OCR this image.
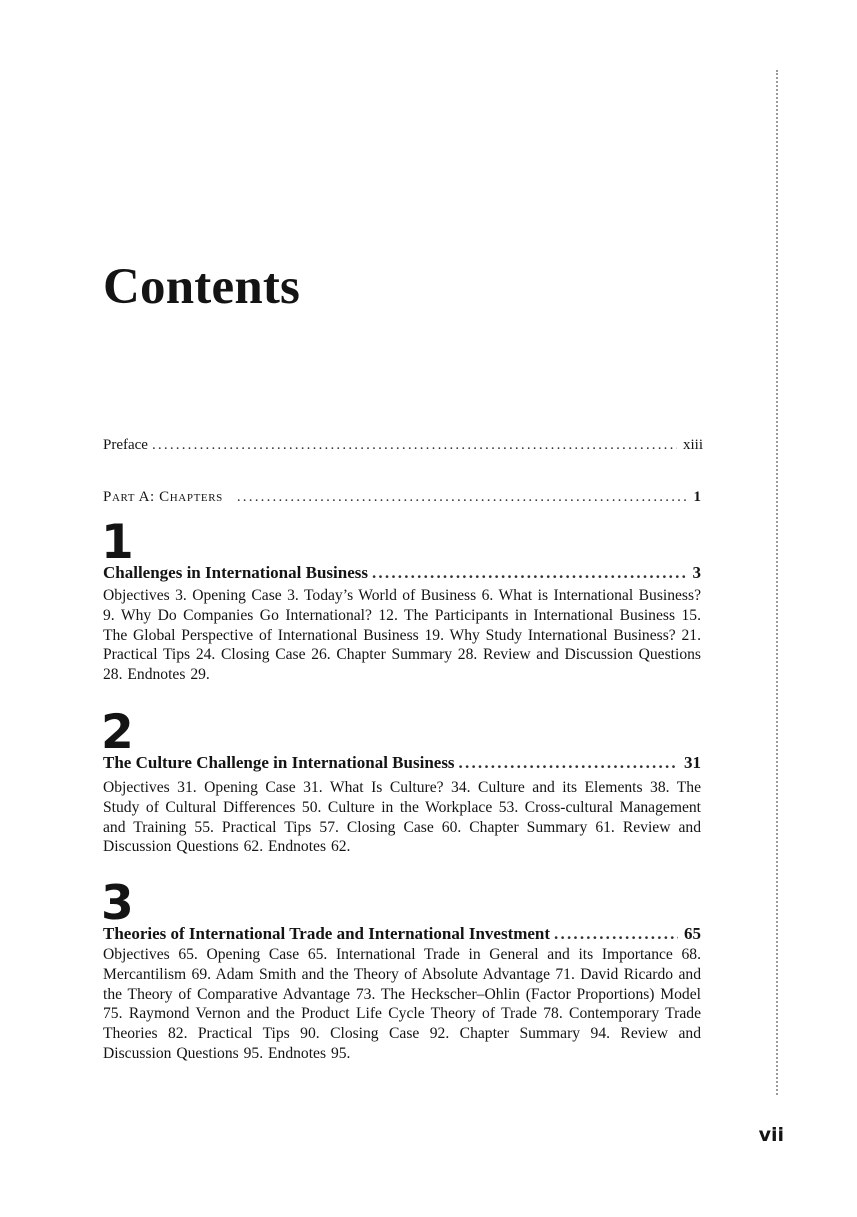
Contents
Preface .....	xiii
Part A: Chapters .....	1
1
Challenges in International Business .....	3

Objectives 3. Opening Case 3. Today’s World of Business 6. What is International Business? 9. Why Do Companies Go International? 12. The Participants in International Business 15. The Global Perspective of International Business 19. Why Study International Business? 21. Practical Tips 24. Closing Case 26. Chapter Summary 28. Review and Discussion Questions 28. Endnotes 29.

2
The Culture Challenge in International Business .....	31

Objectives 31. Opening Case 31. What Is Culture? 34. Culture and its Elements 38. The Study of Cultural Differences 50. Culture in the Workplace 53. Cross-cultural Management and Training 55. Practical Tips 57. Closing Case 60. Chapter Summary 61. Review and Discussion Questions 62. Endnotes 62.

3
Theories of International Trade and International Investment .....	65

Objectives 65. Opening Case 65. International Trade in General and its Importance 68. Mercantilism 69. Adam Smith and the Theory of Absolute Advantage 71. David Ricardo and the Theory of Comparative Advantage 73. The Heckscher–Ohlin (Factor Proportions) Model 75. Raymond Vernon and the Product Life Cycle Theory of Trade 78. Contemporary Trade Theories 82. Practical Tips 90. Closing Case 92. Chapter Summary 94. Review and Discussion Questions 95. Endnotes 95.

vii
